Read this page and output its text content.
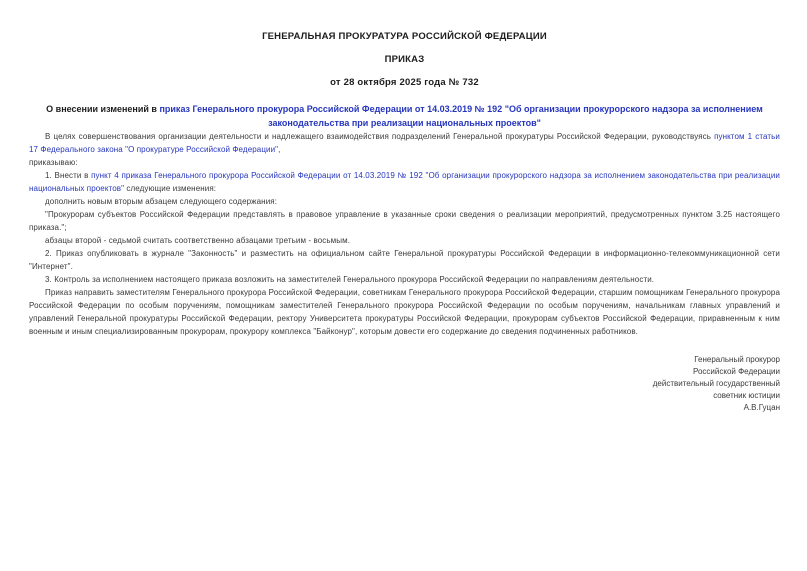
ГЕНЕРАЛЬНАЯ ПРОКУРАТУРА РОССИЙСКОЙ ФЕДЕРАЦИИ
ПРИКАЗ
от 28 октября 2025 года № 732
О внесении изменений в приказ Генерального прокурора Российской Федерации от 14.03.2019 № 192 "Об организации прокурорского надзора за исполнением законодательства при реализации национальных проектов"

В целях совершенствования организации деятельности и надлежащего взаимодействия подразделений Генеральной прокуратуры Российской Федерации, руководствуясь пунктом 1 статьи 17 Федерального закона "О прокуратуре Российской Федерации",

приказываю:

1. Внести в пункт 4 приказа Генерального прокурора Российской Федерации от 14.03.2019 № 192 "Об организации прокурорского надзора за исполнением законодательства при реализации национальных проектов" следующие изменения:

дополнить новым вторым абзацем следующего содержания:

"Прокурорам субъектов Российской Федерации представлять в правовое управление в указанные сроки сведения о реализации мероприятий, предусмотренных пунктом 3.25 настоящего приказа.";

абзацы второй - седьмой считать соответственно абзацами третьим - восьмым.

2. Приказ опубликовать в журнале "Законность" и разместить на официальном сайте Генеральной прокуратуры Российской Федерации в информационно-телекоммуникационной сети "Интернет".

3. Контроль за исполнением настоящего приказа возложить на заместителей Генерального прокурора Российской Федерации по направлениям деятельности.

Приказ направить заместителям Генерального прокурора Российской Федерации, советникам Генерального прокурора Российской Федерации, старшим помощникам Генерального прокурора Российской Федерации по особым поручениям, помощникам заместителей Генерального прокурора Российской Федерации по особым поручениям, начальникам главных управлений и управлений Генеральной прокуратуры Российской Федерации, ректору Университета прокуратуры Российской Федерации, прокурорам субъектов Российской Федерации, приравненным к ним военным и иным специализированным прокурорам, прокурору комплекса "Байконур", которым довести его содержание до сведения подчиненных работников.

Генеральный прокурор
Российской Федерации
действительный государственный
советник юстиции
А.В.Гуцан
